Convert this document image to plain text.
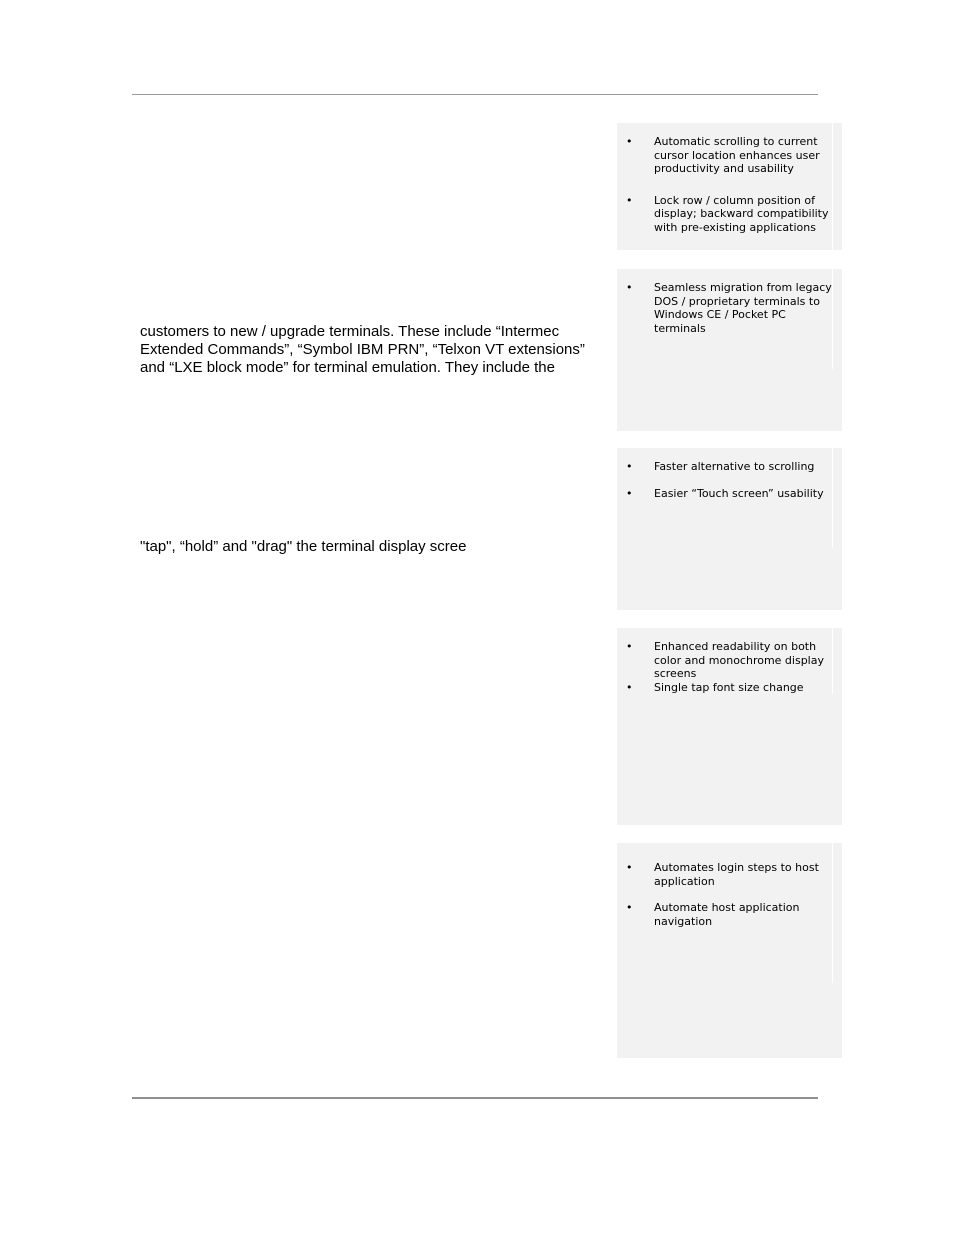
customers to new / upgrade terminals. These include “Intermec
Extended Commands”, “Symbol IBM PRN”, “Telxon VT extensions”
and “LXE block mode” for terminal emulation. They include the
"tap", “hold” and "drag" the terminal display scree
• Automatic scrolling to current cursor location enhances user productivity and usability
• Lock row / column position of display; backward compatibility with pre-existing applications
• Seamless migration from legacy DOS / proprietary terminals to Windows CE / Pocket PC terminals
• Faster alternative to scrolling
• Easier “Touch screen” usability
• Enhanced readability on both color and monochrome display screens
• Single tap font size change
• Automates login steps to host application
• Automate host application navigation
